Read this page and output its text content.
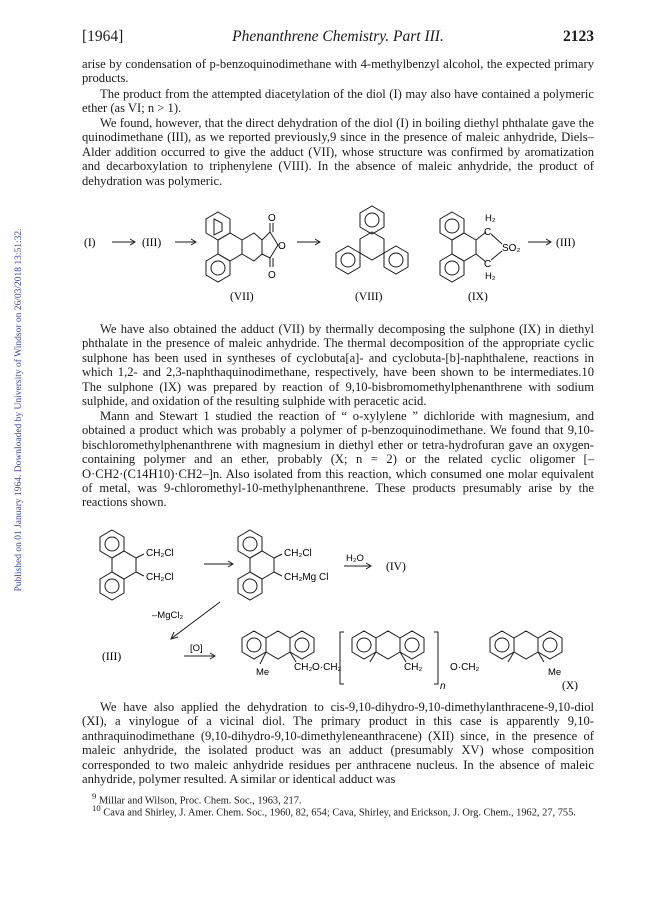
[1964]	Phenanthrene Chemistry. Part III.	2123
Published on 01 January 1964. Downloaded by University of Windsor on 26/03/2018 13:51:32.

arise by condensation of p-benzoquinodimethane with 4-methylbenzyl alcohol, the expected primary products.

The product from the attempted diacetylation of the diol (I) may also have contained a polymeric ether (as VI; n > 1).

We found, however, that the direct dehydration of the diol (I) in boiling diethyl phthalate gave the quinodimethane (III), as we reported previously,9 since in the presence of maleic anhydride, Diels–Alder addition occurred to give the adduct (VII), whose structure was confirmed by aromatization and decarboxylation to triphenylene (VIII). In the absence of maleic anhydride, the product of dehydration was polymeric.

(I)	(III)
O
O
O
H₂
C
SO₂
C
H₂
(III)
(VII)	(VIII)	(IX)

We have also obtained the adduct (VII) by thermally decomposing the sulphone (IX) in diethyl phthalate in the presence of maleic anhydride. The thermal decomposition of the appropriate cyclic sulphone has been used in syntheses of cyclobuta[a]- and cyclobuta-[b]-naphthalene, reactions in which 1,2- and 2,3-naphthaquinodimethane, respectively, have been shown to be intermediates.10 The sulphone (IX) was prepared by reaction of 9,10-bisbromomethylphenanthrene with sodium sulphide, and oxidation of the resulting sulphide with peracetic acid.

Mann and Stewart 1 studied the reaction of “ o-xylylene ” dichloride with magnesium, and obtained a product which was probably a polymer of p-benzoquinodimethane. We found that 9,10-bischloromethylphenanthrene with magnesium in diethyl ether or tetra-hydrofuran gave an oxygen-containing polymer and an ether, probably (X; n = 2) or the related cyclic oligomer [–O·CH2·(C14H10)·CH2–]n. Also isolated from this reaction, which consumed one molar equivalent of metal, was 9-chloromethyl-10-methylphenanthrene. These products presumably arise by the reactions shown.

CH₂Cl
CH₂Cl
CH₂Cl
CH₂Mg Cl
H₂O
(IV)
–MgCl₂
(III)
[O]
Me CH₂ O·CH₂	CH₂	O·CH₂	Me
n	(X)

We have also applied the dehydration to cis-9,10-dihydro-9,10-dimethylanthracene-9,10-diol (XI), a vinylogue of a vicinal diol. The primary product in this case is apparently 9,10-anthraquinodimethane (9,10-dihydro-9,10-dimethyleneanthracene) (XII) since, in the presence of maleic anhydride, the isolated product was an adduct (presumably XV) whose composition corresponded to two maleic anhydride residues per anthracene nucleus. In the absence of maleic anhydride, polymer resulted. A similar or identical adduct was

$^9$ Millar and Wilson, Proc. Chem. Soc., 1963, 217.

$^{10}$ Cava and Shirley, J. Amer. Chem. Soc., 1960, 82, 654; Cava, Shirley, and Erickson, J. Org. Chem., 1962, 27, 755.
